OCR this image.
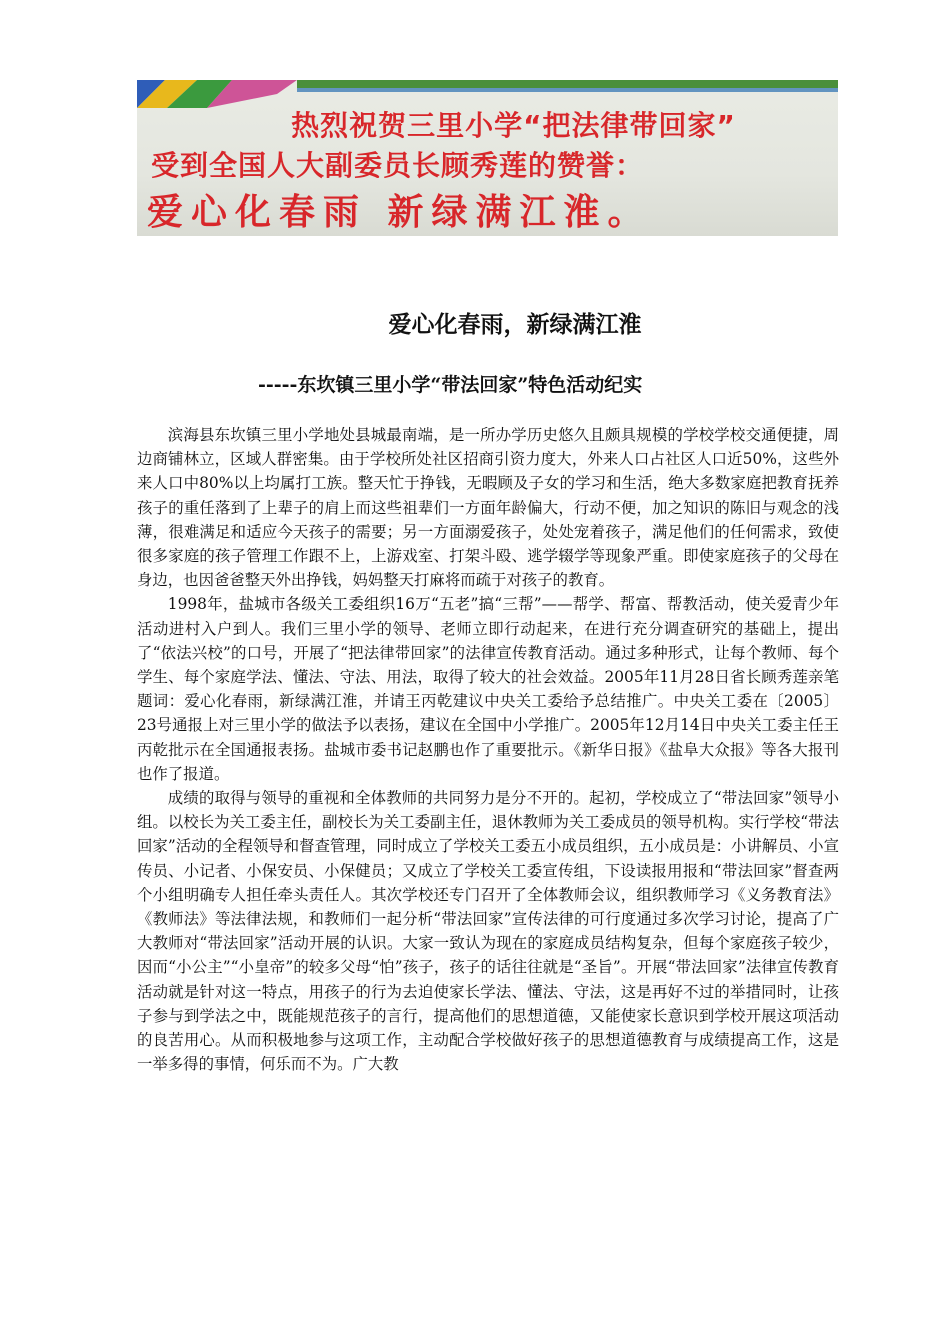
热烈祝贺三里小学“把法律带回家”
受到全国人大副委员长顾秀莲的赞誉：
爱心化春雨 新绿满江淮。
爱心化春雨，新绿满江淮
-----东坎镇三里小学“带法回家”特色活动纪实

滨海县东坎镇三里小学地处县城最南端，是一所办学历史悠久且颇具规模的学校学校交通便捷，周边商铺林立，区域人群密集。由于学校所处社区招商引资力度大，外来人口占社区人口近50%，这些外来人口中80%以上均属打工族。整天忙于挣钱，无暇顾及子女的学习和生活，绝大多数家庭把教育抚养孩子的重任落到了上辈子的肩上而这些祖辈们一方面年龄偏大，行动不便，加之知识的陈旧与观念的浅薄，很难满足和适应今天孩子的需要；另一方面溺爱孩子，处处宠着孩子，满足他们的任何需求，致使很多家庭的孩子管理工作跟不上，上游戏室、打架斗殴、逃学辍学等现象严重。即使家庭孩子的父母在身边，也因爸爸整天外出挣钱，妈妈整天打麻将而疏于对孩子的教育。

1998年，盐城市各级关工委组织16万“五老”搞“三帮”——帮学、帮富、帮教活动，使关爱青少年活动进村入户到人。我们三里小学的领导、老师立即行动起来，在进行充分调查研究的基础上，提出了“依法兴校”的口号，开展了“把法律带回家”的法律宣传教育活动。通过多种形式，让每个教师、每个学生、每个家庭学法、懂法、守法、用法，取得了较大的社会效益。2005年11月28日省长顾秀莲亲笔题词：爱心化春雨，新绿满江淮，并请王丙乾建议中央关工委给予总结推广。中央关工委在〔2005〕23号通报上对三里小学的做法予以表扬，建议在全国中小学推广。2005年12月14日中央关工委主任王丙乾批示在全国通报表扬。盐城市委书记赵鹏也作了重要批示。《新华日报》《盐阜大众报》等各大报刊也作了报道。

成绩的取得与领导的重视和全体教师的共同努力是分不开的。起初，学校成立了“带法回家”领导小组。以校长为关工委主任，副校长为关工委副主任，退休教师为关工委成员的领导机构。实行学校“带法回家”活动的全程领导和督查管理，同时成立了学校关工委五小成员组织，五小成员是：小讲解员、小宣传员、小记者、小保安员、小保健员；又成立了学校关工委宣传组，下设读报用报和“带法回家”督查两个小组明确专人担任牵头责任人。其次学校还专门召开了全体教师会议，组织教师学习《义务教育法》《教师法》等法律法规，和教师们一起分析“带法回家”宣传法律的可行度通过多次学习讨论，提高了广大教师对“带法回家”活动开展的认识。大家一致认为现在的家庭成员结构复杂，但每个家庭孩子较少，因而“小公主”“小皇帝”的较多父母“怕”孩子，孩子的话往往就是“圣旨”。开展“带法回家”法律宣传教育活动就是针对这一特点，用孩子的行为去迫使家长学法、懂法、守法，这是再好不过的举措同时，让孩子参与到学法之中，既能规范孩子的言行，提高他们的思想道德，又能使家长意识到学校开展这项活动的良苦用心。从而积极地参与这项工作，主动配合学校做好孩子的思想道德教育与成绩提高工作，这是一举多得的事情，何乐而不为。广大教
